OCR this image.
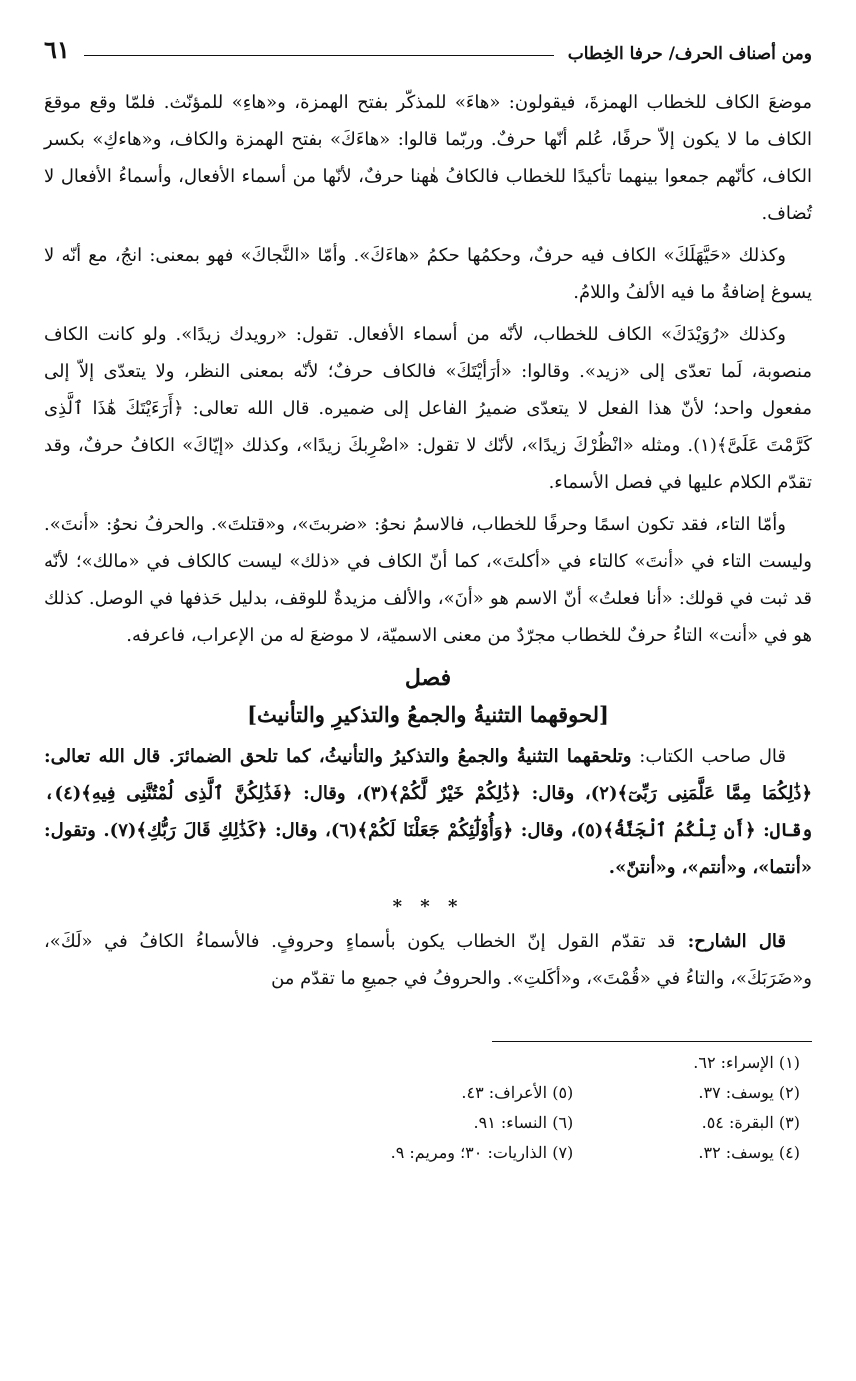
ومن أصناف الحرف/ حرفا الخِطاب
٦١

موضعَ الكاف للخطاب الهمزةَ، فيقولون: «هاءَ» للمذكّر بفتح الهمزة، و«هاءِ» للمؤنّث. فلمّا وقع موقعَ الكاف ما لا يكون إلاّ حرفًا، عُلم أنّها حرفٌ. وربّما قالوا: «هاءَكَ» بفتح الهمزة والكاف، و«هاءكِ» بكسر الكاف، كأنّهم جمعوا بينهما تأكيدًا للخطاب فالكافُ هٰهنا حرفٌ، لأنّها من أسماء الأفعال، وأسماءُ الأفعال لا تُضاف.

وكذلك «حَيَّهَلَكَ» الكاف فيه حرفٌ، وحكمُها حكمُ «هاءَكَ». وأمّا «النَّجاكَ» فهو بمعنى: انجُ، مع أنّه لا يسوغ إضافةُ ما فيه الألفُ واللامُ.

وكذلك «رُوَيْدَكَ» الكاف للخطاب، لأنّه من أسماء الأفعال. تقول: «رويدك زيدًا». ولو كانت الكاف منصوبة، لَما تعدّى إلى «زيد». وقالوا: «أرَأيْتَكَ» فالكاف حرفٌ؛ لأنّه بمعنى النظر، ولا يتعدّى إلاّ إلى مفعول واحد؛ لأنّ هذا الفعل لا يتعدّى ضميرُ الفاعل إلى ضميره. قال الله تعالى: ﴿أَرَءَيْتَكَ هَٰذَا ٱلَّذِى كَرَّمْتَ عَلَىَّ﴾(١). ومثله «انْظُرْكَ زيدًا»، لأنّك لا تقول: «اضْرِبكَ زيدًا»، وكذلك «إيّاكَ» الكافُ حرفٌ، وقد تقدّم الكلام عليها في فصل الأسماء.

وأمّا التاء، فقد تكون اسمًا وحرفًا للخطاب، فالاسمُ نحوُ: «ضربتَ»، و«قتلتَ». والحرفُ نحوُ: «أنتَ». وليست التاء في «أنتَ» كالتاء في «أكلتَ»، كما أنّ الكاف في «ذلك» ليست كالكاف في «مالك»؛ لأنّه قد ثبت في قولك: «أنا فعلتُ» أنّ الاسم هو «أنَ»، والألف مزيدةٌ للوقف، بدليل حَذفها في الوصل. كذلك هو في «أنت» التاءُ حرفٌ للخطاب مجرّدٌ من معنى الاسميّة، لا موضعَ له من الإعراب، فاعرفه.

فصل
[لحوقهما التثنيةُ والجمعُ والتذكيرِ والتأنيث]

قال صاحب الكتاب: وتلحقهما التثنيةُ والجمعُ والتذكيرُ والتأنيثُ، كما تلحق الضمائرَ. قال الله تعالى: ﴿ذَٰلِكُمَا مِمَّا عَلَّمَنِى رَبِّىٓ﴾(٢)، وقال: ﴿ذَٰلِكُمْ خَيْرٌ لَّكُمْ﴾(٣)، وقال: ﴿فَذَٰلِكُنَّ ٱلَّذِى لُمْتُنَّنِى فِيهِ﴾(٤)، وقال: ﴿أَن تِلْكُمُ ٱلْجَنَّةُ﴾(٥)، وقال: ﴿وَأُوْلَٰٓئِكُمْ جَعَلْنَا لَكُمْ﴾(٦)، وقال: ﴿كَذَٰلِكِ قَالَ رَبُّكِ﴾(٧). وتقول: «أنتما»، و«أنتم»، و«أنتنّ».

* * *

قال الشارح: قد تقدّم القول إنّ الخطاب يكون بأسماءٍ وحروفٍ. فالأسماءُ الكافُ في «لَكَ»، و«ضَرَبَكَ»، والتاءُ في «قُمْتَ»، و«أكَلتِ». والحروفُ في جميعِ ما تقدّم من

(١) الإسراء: ٦٢.
(٢) يوسف: ٣٧.
(٣) البقرة: ٥٤.
(٤) يوسف: ٣٢.
(٥) الأعراف: ٤٣.
(٦) النساء: ٩١.
(٧) الذاريات: ٣٠؛ ومريم: ٩.
